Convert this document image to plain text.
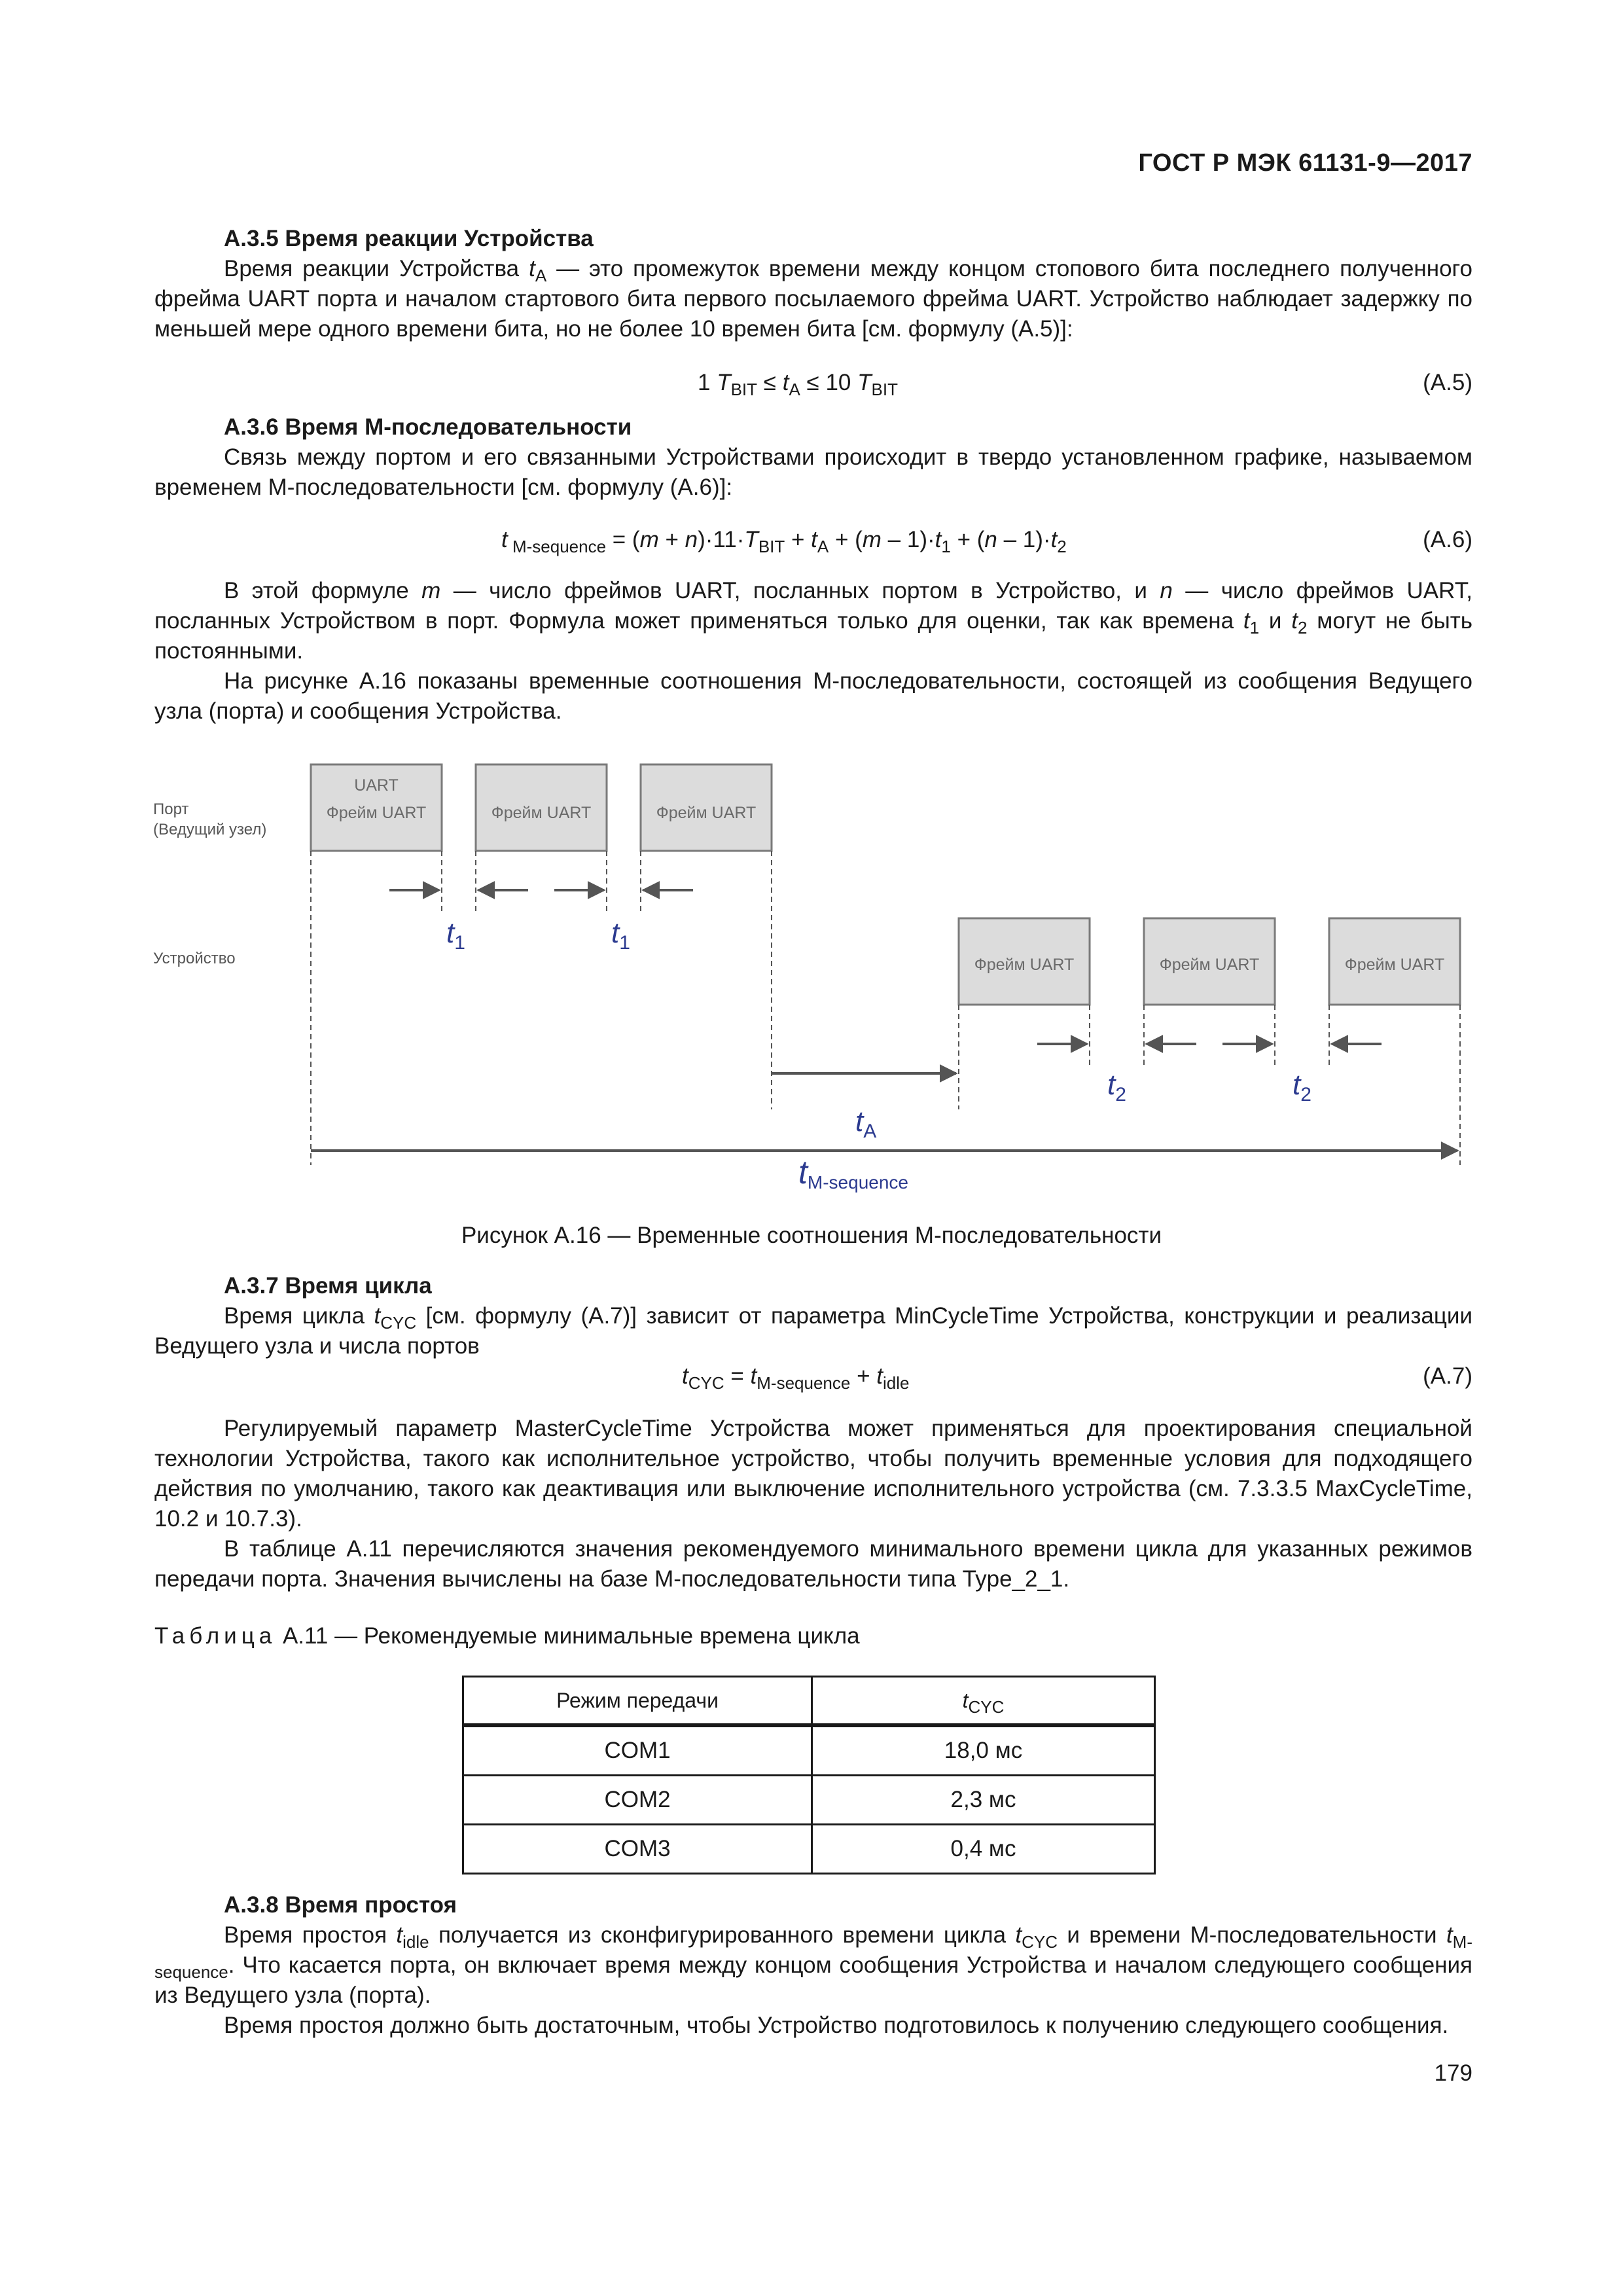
ГОСТ Р МЭК 61131-9—2017

А.3.5 Время реакции Устройства

Время реакции Устройства $t_A$ — это промежуток времени между концом стопового бита последнего полученного фрейма UART порта и началом стартового бита первого посылаемого фрейма UART. Устройство наблюдает задержку по меньшей мере одного времени бита, но не более 10 времен бита [см. формулу (А.5)]:

1 $T_{BIT} \le t_A \le 10$ $T_{BIT}$	(А.5)

А.3.6 Время М-последовательности

Связь между портом и его связанными Устройствами происходит в твердо установленном графике, называемом временем М-последовательности [см. формулу (А.6)]:

t $_{M-sequence} = (m + n)\cdot 11\cdot T_{BIT} + t_A + (m - 1)\cdot t_1 + (n - 1)\cdot t_2$	(А.6)

В этой формуле m — число фреймов UART, посланных портом в Устройство, и n — число фреймов UART, посланных Устройством в порт. Формула может применяться только для оценки, так как времена $t_1$ и $t_2$ могут не быть постоянными.

На рисунке А.16 показаны временные соотношения М-последовательности, состоящей из сообщения Ведущего узла (порта) и сообщения Устройства.

Порт
(Ведущий узел)
Устройство
UART
Фрейм UART	Фрейм UART	Фрейм UART
Фрейм UART	Фрейм UART	Фрейм UART
$t_1$	$t_1$
$t_2$	$t_2$
$t_A$
tM-sequence
Рисунок А.16 — Временные соотношения М-последовательности

А.3.7 Время цикла

Время цикла $t_{CYC}$ [см. формулу (А.7)] зависит от параметра MinCycleTime Устройства, конструкции и реализации Ведущего узла и числа портов

$t_{CYC} = t_{M-sequence} + t_{idle}$	(А.7)

Регулируемый параметр MasterCycleTime Устройства может применяться для проектирования специальной технологии Устройства, такого как исполнительное устройство, чтобы получить временные условия для подходящего действия по умолчанию, такого как деактивация или выключение исполнительного устройства (см. 7.3.3.5 MaxCycleTime, 10.2 и 10.7.3).

В таблице А.11 перечисляются значения рекомендуемого минимального времени цикла для указанных режимов передачи порта. Значения вычислены на базе М-последовательности типа Type_2_1.

Таблица А.11 — Рекомендуемые минимальные времена цикла
Режим передачи	$t_{CYC}$
COM1	18,0 мс
COM2	2,3 мс
COM3	0,4 мс

А.3.8 Время простоя

Время простоя $t_{idle}$ получается из сконфигурированного времени цикла $t_{CYC}$ и времени М-последовательности $t_{M-sequence}$. Что касается порта, он включает время между концом сообщения Устройства и началом следующего сообщения из Ведущего узла (порта).

Время простоя должно быть достаточным, чтобы Устройство подготовилось к получению следующего сообщения.

179
